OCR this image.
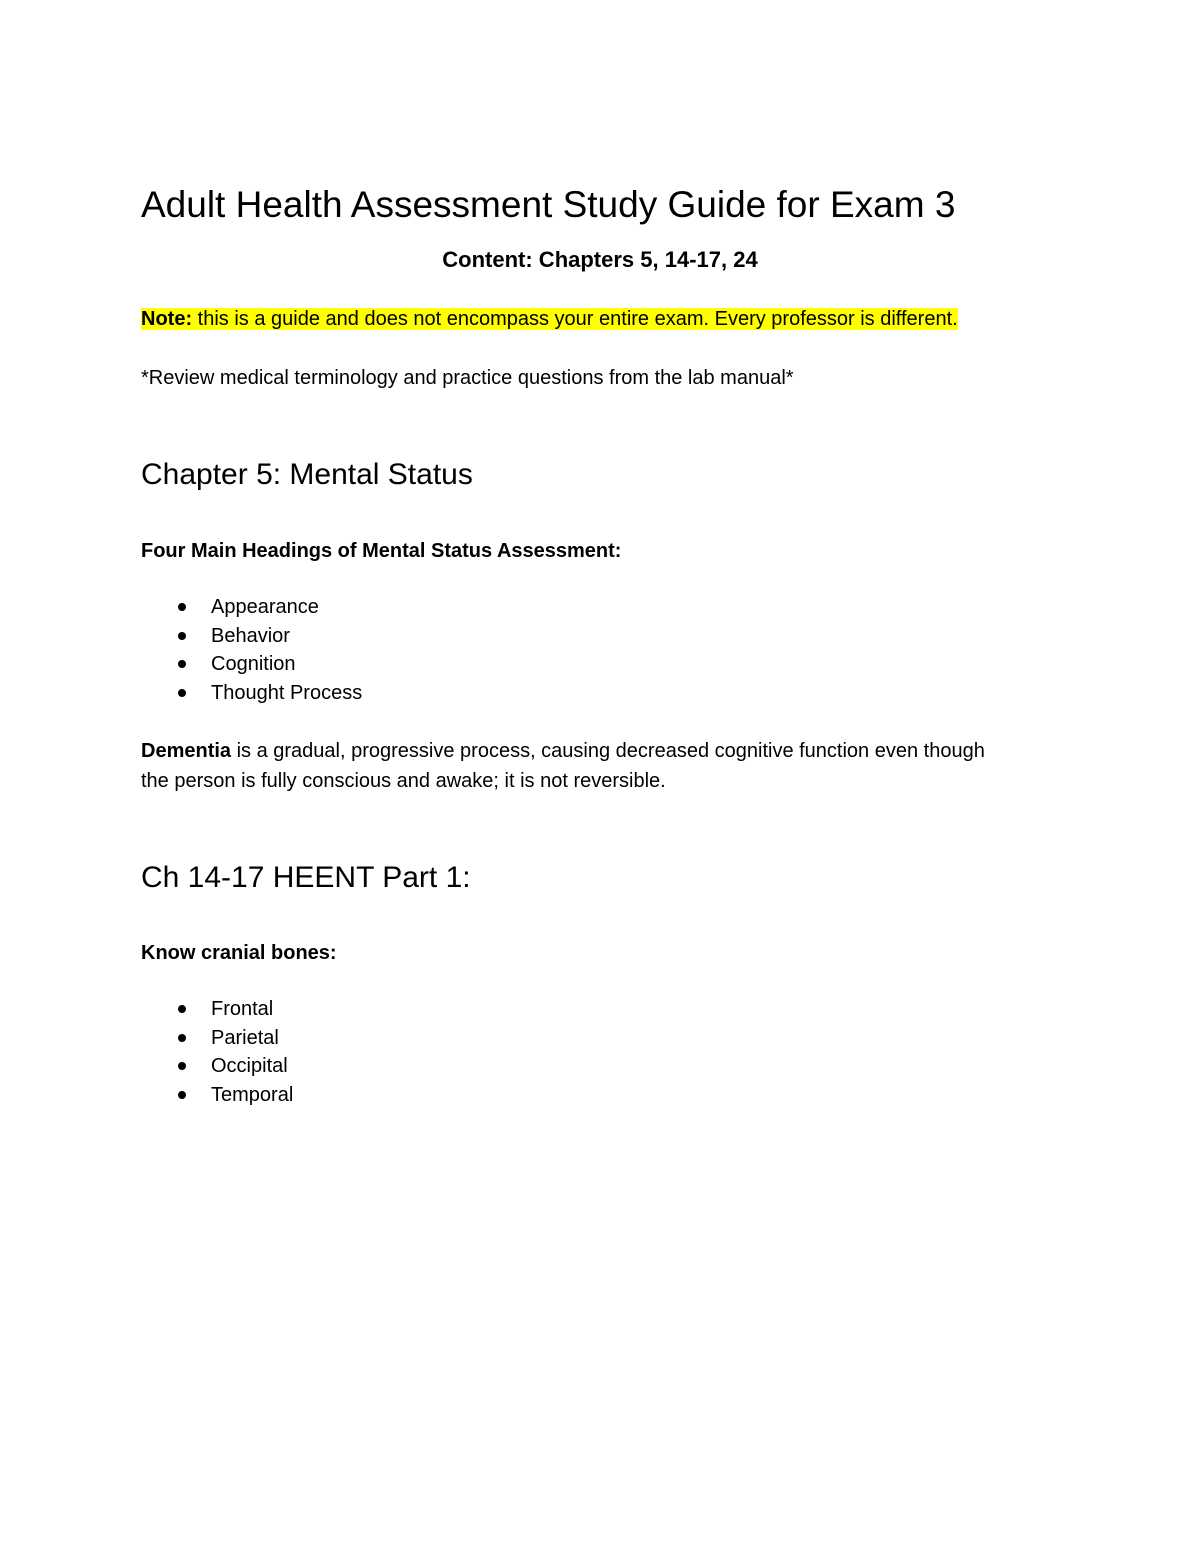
Adult Health Assessment Study Guide for Exam 3
Content: Chapters 5, 14-17, 24
Note: this is a guide and does not encompass your entire exam. Every professor is different.
*Review medical terminology and practice questions from the lab manual*
Chapter 5: Mental Status
Four Main Headings of Mental Status Assessment:
Appearance
Behavior
Cognition
Thought Process

Dementia is a gradual, progressive process, causing decreased cognitive function even though

the person is fully conscious and awake; it is not reversible.

Ch 14-17 HEENT Part 1:
Know cranial bones:
Frontal
Parietal
Occipital
Temporal
